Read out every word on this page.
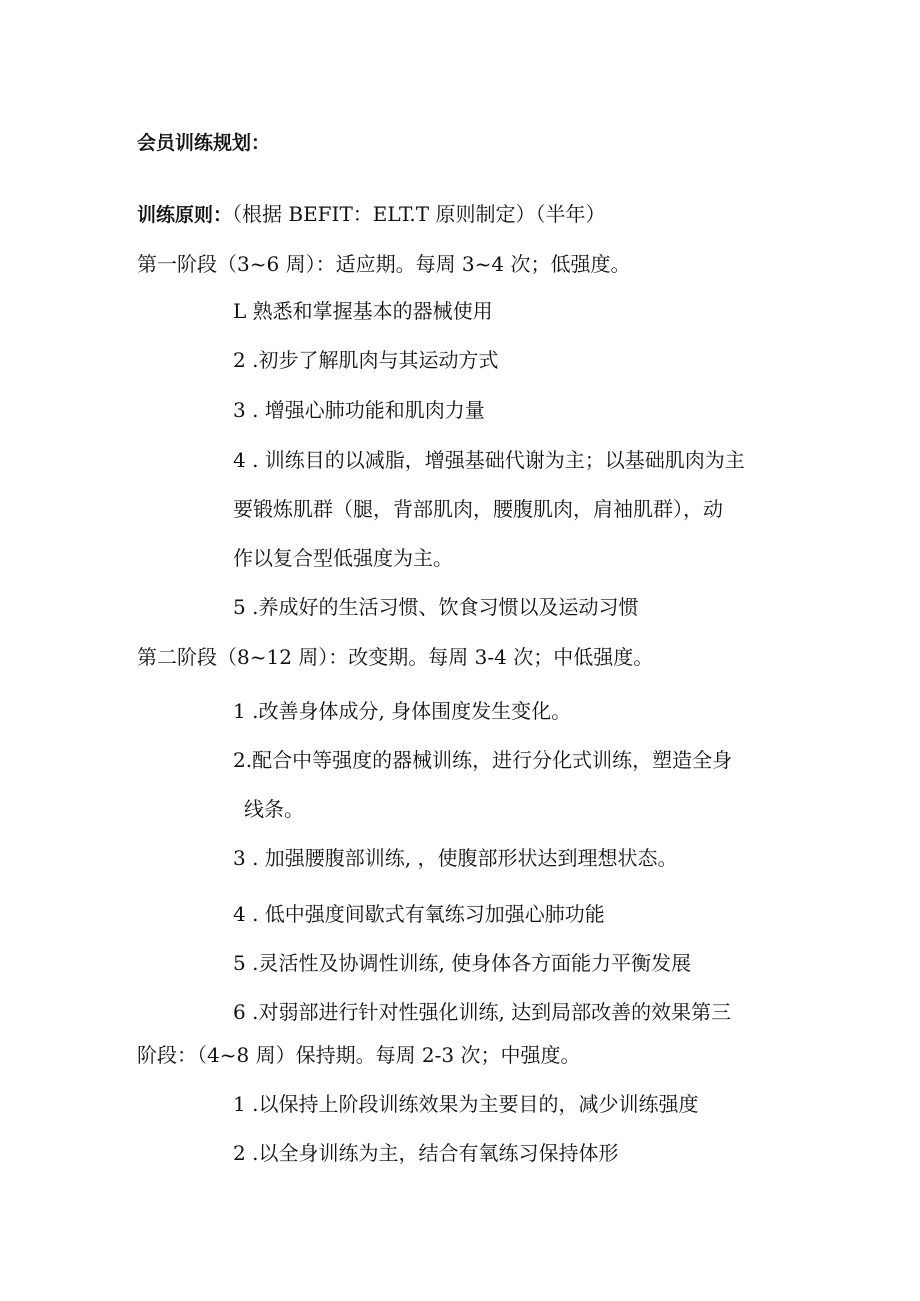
会员训练规划：
训练原则：（根据 BEFIT：ELT.T 原则制定）（半年）
第一阶段（3~6 周）：适应期。每周 3~4 次；低强度。
L 熟悉和掌握基本的器械使用
2 .初步了解肌肉与其运动方式
3 . 增强心肺功能和肌肉力量
4 . 训练目的以减脂，增强基础代谢为主；以基础肌肉为主
要锻炼肌群（腿，背部肌肉，腰腹肌肉，肩袖肌群），动
作以复合型低强度为主。
5 .养成好的生活习惯、饮食习惯以及运动习惯
第二阶段（8~12 周）：改变期。每周 3-4 次；中低强度。
1 .改善身体成分, 身体围度发生变化。
2.配合中等强度的器械训练，进行分化式训练，塑造全身
线条。
3 . 加强腰腹部训练, ，使腹部形状达到理想状态。
4 . 低中强度间歇式有氧练习加强心肺功能
5 .灵活性及协调性训练, 使身体各方面能力平衡发展
6 .对弱部进行针对性强化训练, 达到局部改善的效果第三
阶段：（4~8 周）保持期。每周 2-3 次；中强度。
1 .以保持上阶段训练效果为主要目的，减少训练强度
2 .以全身训练为主，结合有氧练习保持体形
